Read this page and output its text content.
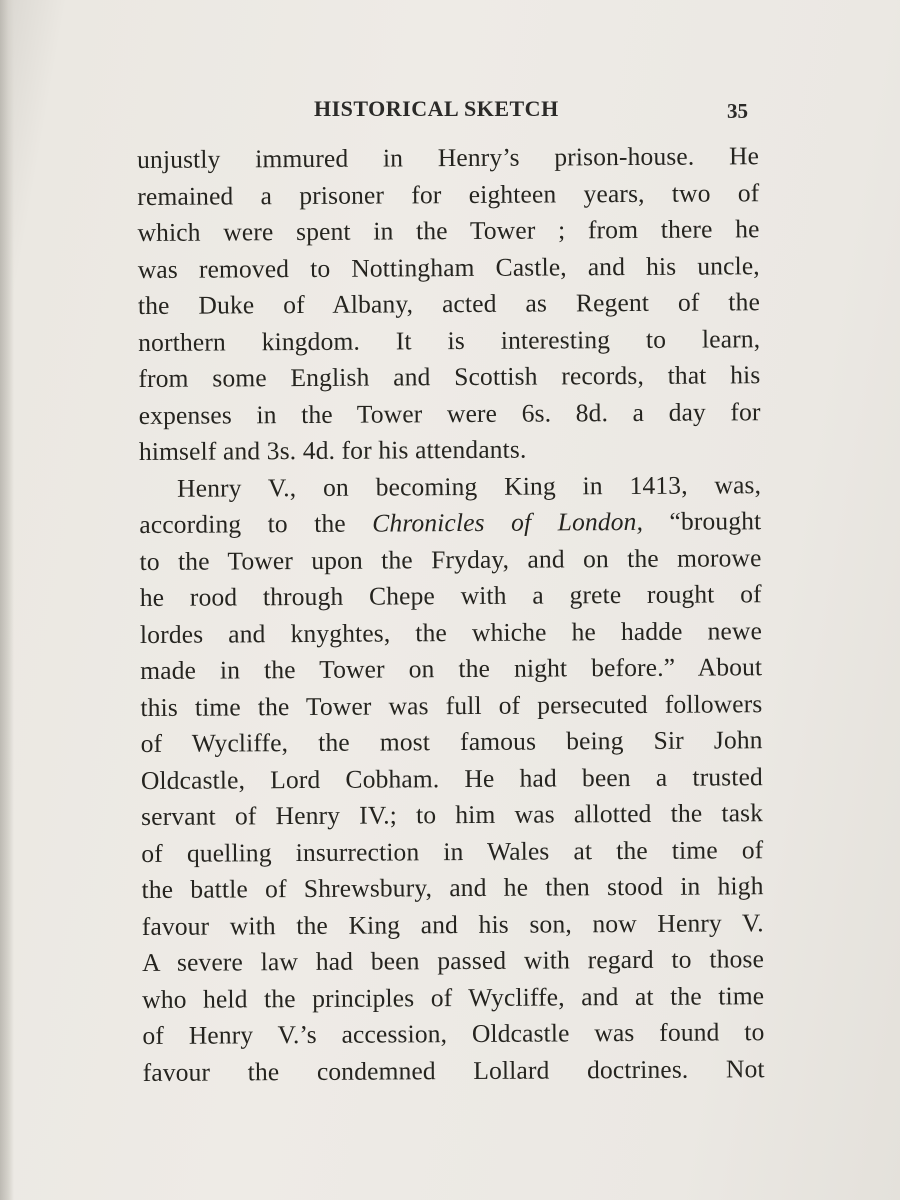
HISTORICAL SKETCH	35
unjustly immured in Henry’s prison-house. He
remained a prisoner for eighteen years, two of
which were spent in the Tower ; from there he
was removed to Nottingham Castle, and his uncle,
the Duke of Albany, acted as Regent of the
northern kingdom. It is interesting to learn,
from some English and Scottish records, that his
expenses in the Tower were 6s. 8d. a day for
himself and 3s. 4d. for his attendants.
Henry V., on becoming King in 1413, was,
according to the Chronicles of London, “brought
to the Tower upon the Fryday, and on the morowe
he rood through Chepe with a grete rought of
lordes and knyghtes, the whiche he hadde newe
made in the Tower on the night before.” About
this time the Tower was full of persecuted followers
of Wycliffe, the most famous being Sir John
Oldcastle, Lord Cobham. He had been a trusted
servant of Henry IV.; to him was allotted the task
of quelling insurrection in Wales at the time of
the battle of Shrewsbury, and he then stood in high
favour with the King and his son, now Henry V.
A severe law had been passed with regard to those
who held the principles of Wycliffe, and at the time
of Henry V.’s accession, Oldcastle was found to
favour the condemned Lollard doctrines. Not
